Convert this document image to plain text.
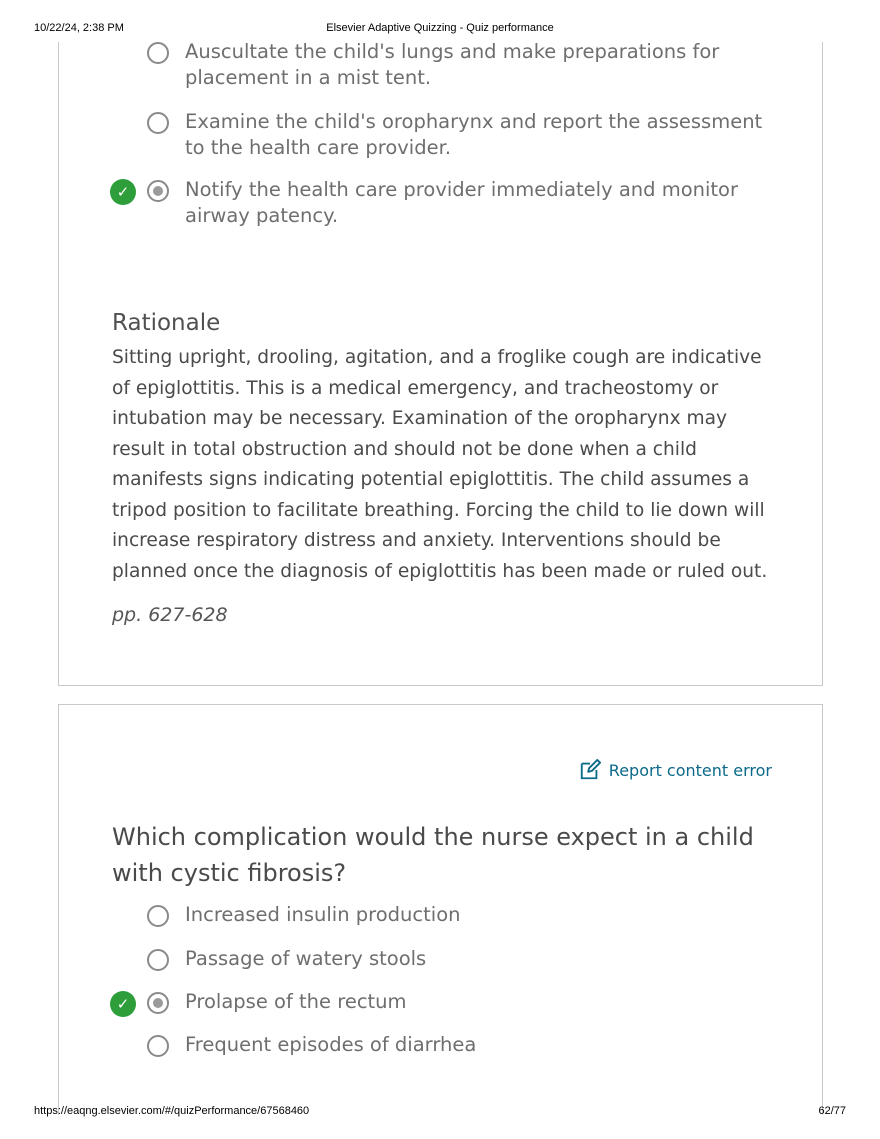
10/22/24, 2:38 PM	Elsevier Adaptive Quizzing - Quiz performance
Auscultate the child's lungs and make preparations for placement in a mist tent.
Examine the child's oropharynx and report the assessment to the health care provider.
✓	Notify the health care provider immediately and monitor airway patency.
Rationale

Sitting upright, drooling, agitation, and a froglike cough are indicative of epiglottitis. This is a medical emergency, and tracheostomy or intubation may be necessary. Examination of the oropharynx may result in total obstruction and should not be done when a child manifests signs indicating potential epiglottitis. The child assumes a tripod position to facilitate breathing. Forcing the child to lie down will increase respiratory distress and anxiety. Interventions should be planned once the diagnosis of epiglottitis has been made or ruled out.

pp. 627-628
Report content error
Which complication would the nurse expect in a child with cystic fibrosis?
Increased insulin production
Passage of watery stools
✓	Prolapse of the rectum
Frequent episodes of diarrhea
https://eaqng.elsevier.com/#/quizPerformance/67568460	62/77
